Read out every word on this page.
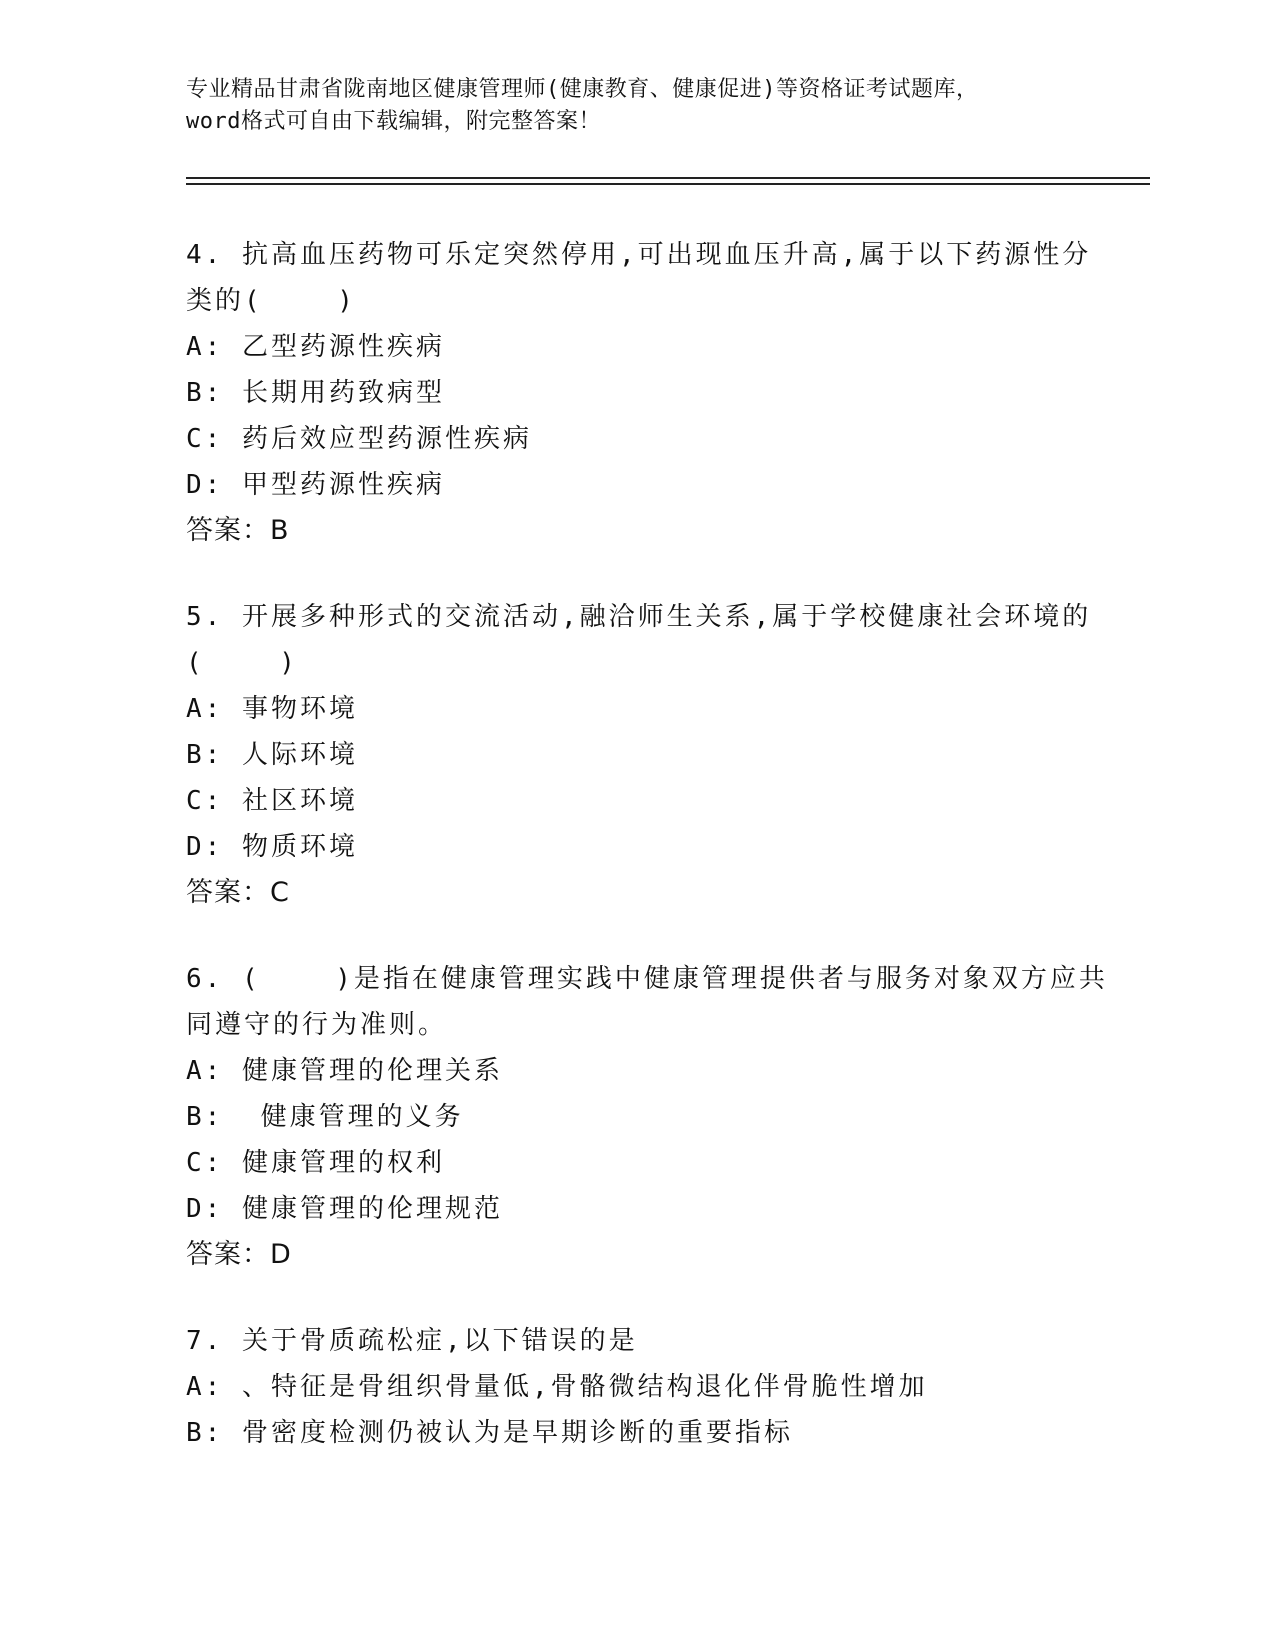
专业精品甘肃省陇南地区健康管理师(健康教育、健康促进)等资格证考试题库，
word格式可自由下载编辑，附完整答案！
4. 抗高血压药物可乐定突然停用,可出现血压升高,属于以下药源性分
类的(    )
A: 乙型药源性疾病
B: 长期用药致病型
C: 药后效应型药源性疾病
D: 甲型药源性疾病
答案：B
5. 开展多种形式的交流活动,融洽师生关系,属于学校健康社会环境的
(    )
A: 事物环境
B: 人际环境
C: 社区环境
D: 物质环境
答案：C
6. (    )是指在健康管理实践中健康管理提供者与服务对象双方应共
同遵守的行为准则。
A: 健康管理的伦理关系
B:  健康管理的义务
C: 健康管理的权利
D: 健康管理的伦理规范
答案：D
7. 关于骨质疏松症,以下错误的是
A: 、特征是骨组织骨量低,骨骼微结构退化伴骨脆性增加
B: 骨密度检测仍被认为是早期诊断的重要指标
